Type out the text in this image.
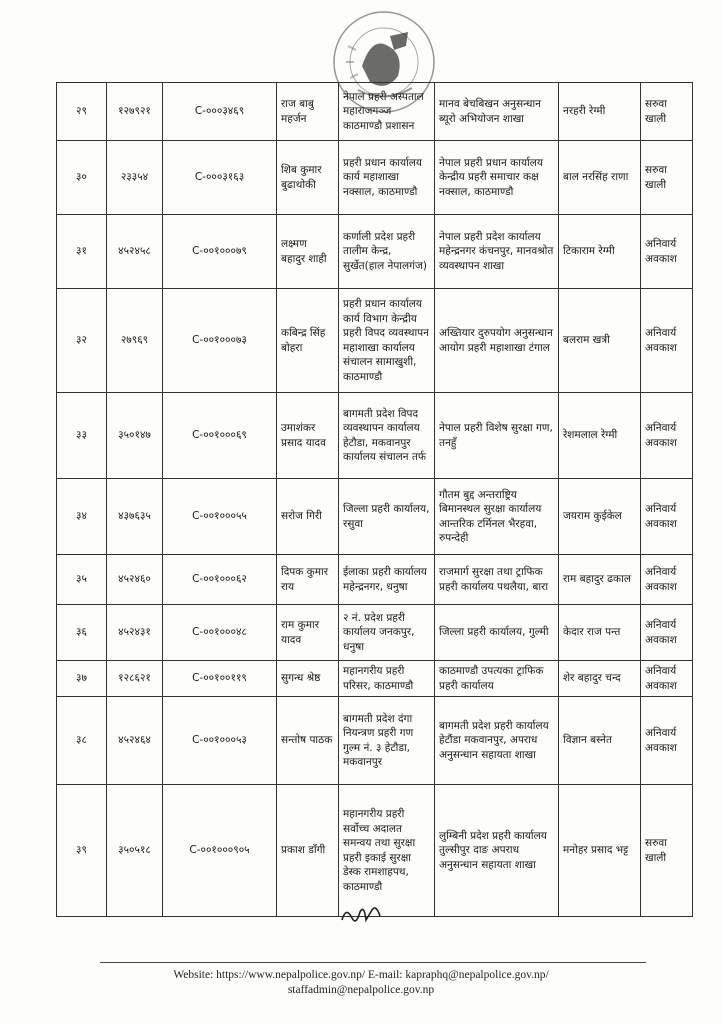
२९	१२७९२१	C-०००३४६९	राज बाबु महर्जन	नेपाल प्रहरी अस्पताल महाराजगञ्ज काठमाण्डौ प्रशासन	मानव बेचबिखन अनुसन्धान ब्यूरो अभियोजन शाखा	नरहरी रेग्मी	सरुवा खाली
३०	२३३५४	C-०००३१६३	शिब कुमार बुढाथोकी	प्रहरी प्रधान कार्यालय कार्य महाशाखा नक्साल, काठमाण्डौ	नेपाल प्रहरी प्रधान कार्यालय केन्द्रीय प्रहरी समाचार कक्ष नक्साल, काठमाण्डौ	बाल नरसिंह राणा	सरुवा खाली
३१	४५२४५८	C-००१०००७९	लक्ष्मण बहादुर शाही	कर्णाली प्रदेश प्रहरी तालीम केन्द्र, सुर्खेत(हाल नेपालगंज)	नेपाल प्रहरी प्रदेश कार्यालय महेन्द्रनगर कंचनपुर, मानवश्रोत व्यवस्थापन शाखा	टिकाराम रेग्मी	अनिवार्य अवकाश
३२	२७९६९	C-००१०००७३	कबिन्द्र सिंह बोहरा	प्रहरी प्रधान कार्यालय कार्य विभाग केन्द्रीय प्रहरी विपद व्यवस्थापन महाशाखा कार्यालय संचालन सामाखुशी, काठमाण्डौ	अख्तियार दुरुपयोग अनुसन्धान आयोग प्रहरी महाशाखा टंगाल	बलराम खत्री	अनिवार्य अवकाश
३३	३५०१४७	C-००१०००६९	उमाशंकर प्रसाद यादव	बागमती प्रदेश विपद व्यवस्थापन कार्यालय हेटौडा, मकवानपुर कार्यालय संचालन तर्फ	नेपाल प्रहरी विशेष सुरक्षा गण, तनहुँ	रेशमलाल रेग्मी	अनिवार्य अवकाश
३४	४३७६३५	C-००१०००५५	सरोज गिरी	जिल्ला प्रहरी कार्यालय, रसुवा	गौतम बुद्द अन्तराष्ट्रिय बिमानस्थल सुरक्षा कार्यालय आन्तरिक टर्मिनल भैरहवा, रुपन्देही	जयराम कुईकेल	अनिवार्य अवकाश
३५	४५२४६०	C-००१०००६२	दिपक कुमार राय	ईलाका प्रहरी कार्यालय महेन्द्रनगर, धनुषा	राजमार्ग सुरक्षा तथा ट्राफिक प्रहरी कार्यालय पथलैया, बारा	राम बहादुर ढकाल	अनिवार्य अवकाश
३६	४५२४३१	C-००१०००४८	राम कुमार यादव	२ नं. प्रदेश प्रहरी कार्यालय जनकपुर, धनुषा	जिल्ला प्रहरी कार्यालय, गुल्मी	केदार राज पन्त	अनिवार्य अवकाश
३७	१२८६२१	C-००१००११९	सुगन्ध श्रेष्ठ	महानगरीय प्रहरी परिसर, काठमाण्डौ	काठमाण्डौ उपत्यका ट्राफिक प्रहरी कार्यालय	शेर बहादुर चन्द	अनिवार्य अवकाश
३८	४५२४६४	C-००१०००५३	सन्तोष पाठक	बागमती प्रदेश दंगा नियन्त्रण प्रहरी गण गुल्म नं. ३ हेटौडा, मकवानपुर	बागमती प्रदेश प्रहरी कार्यालय हेटौंडा मकवानपुर, अपराध अनुसन्धान सहायता शाखा	विज्ञान बस्नेत	अनिवार्य अवकाश
३९	३५०५१८	C-००१०००९०५	प्रकाश डाँगी	महानगरीय प्रहरी सर्वोच्च अदालत समन्वय तथा सुरक्षा प्रहरी इकाई सुरक्षा डेस्क रामशाहपथ, काठमाण्डौ	लुम्बिनी प्रदेश प्रहरी कार्यालय तुल्सीपुर दाङ अपराध अनुसन्धान सहायता शाखा	मनोहर प्रसाद भट्ट	सरुवा खाली
Website: https://www.nepalpolice.gov.np/ E-mail: kapraphq@nepalpolice.gov.np/
staffadmin@nepalpolice.gov.np
